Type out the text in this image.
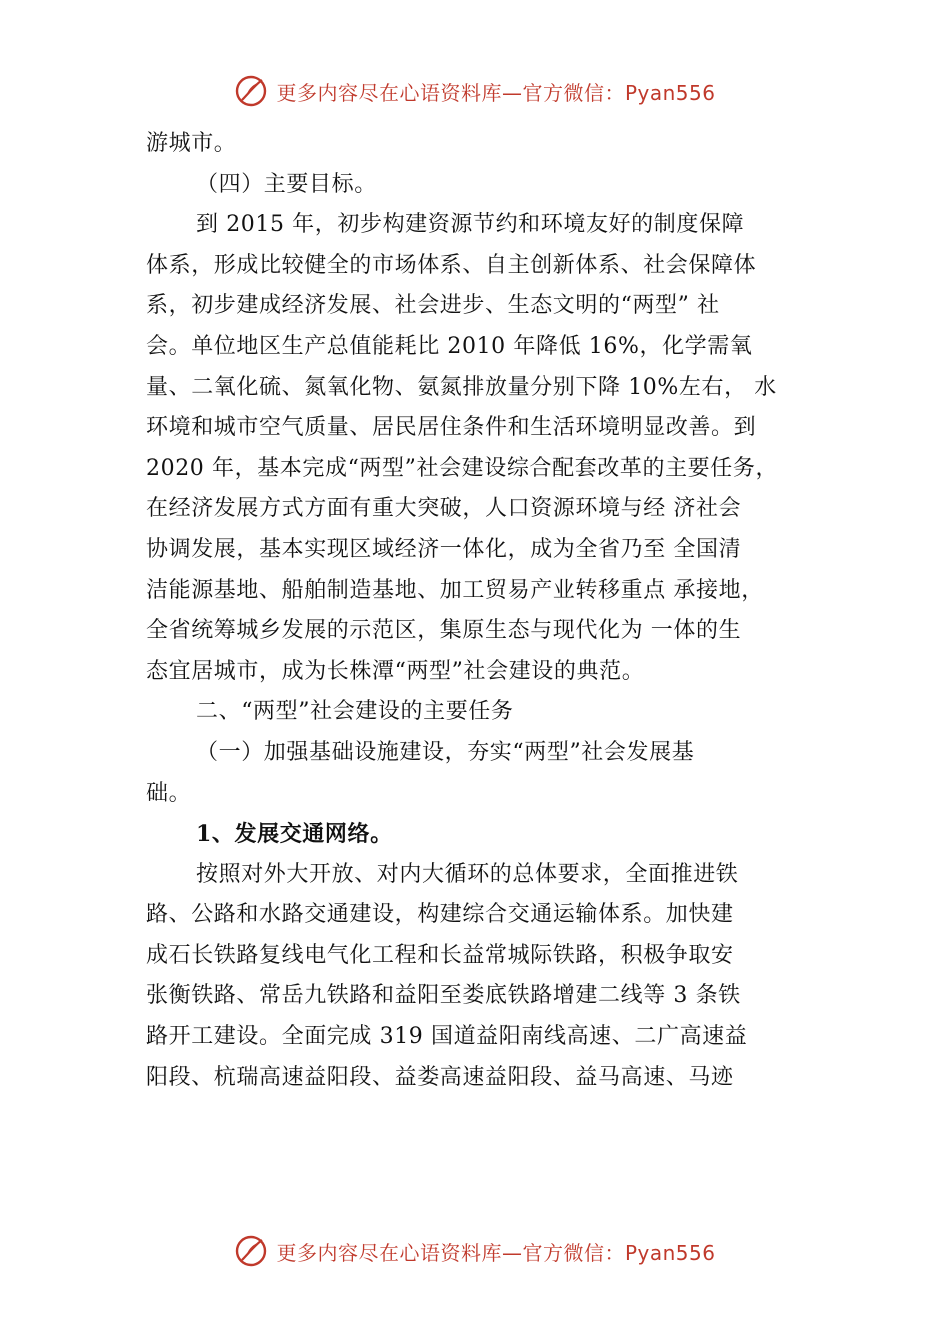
更多内容尽在心语资料库—官方微信：Pyan556

游城市。

（四）主要目标。

到 2015 年，初步构建资源节约和环境友好的制度保障

体系，形成比较健全的市场体系、自主创新体系、社会保障体

系，初步建成经济发展、社会进步、生态文明的“两型” 社

会。单位地区生产总值能耗比 2010 年降低 16%，化学需氧

量、二氧化硫、氮氧化物、氨氮排放量分别下降 10%左右， 水

环境和城市空气质量、居民居住条件和生活环境明显改善。到

2020 年，基本完成“两型”社会建设综合配套改革的主要任务，

在经济发展方式方面有重大突破，人口资源环境与经 济社会

协调发展，基本实现区域经济一体化，成为全省乃至 全国清

洁能源基地、船舶制造基地、加工贸易产业转移重点 承接地，

全省统筹城乡发展的示范区，集原生态与现代化为 一体的生

态宜居城市，成为长株潭“两型”社会建设的典范。

二、“两型”社会建设的主要任务

（一）加强基础设施建设，夯实“两型”社会发展基

础。

1、发展交通网络。

按照对外大开放、对内大循环的总体要求，全面推进铁

路、公路和水路交通建设，构建综合交通运输体系。加快建

成石长铁路复线电气化工程和长益常城际铁路，积极争取安

张衡铁路、常岳九铁路和益阳至娄底铁路增建二线等 3 条铁

路开工建设。全面完成 319 国道益阳南线高速、二广高速益

阳段、杭瑞高速益阳段、益娄高速益阳段、益马高速、马迹

更多内容尽在心语资料库—官方微信：Pyan556
